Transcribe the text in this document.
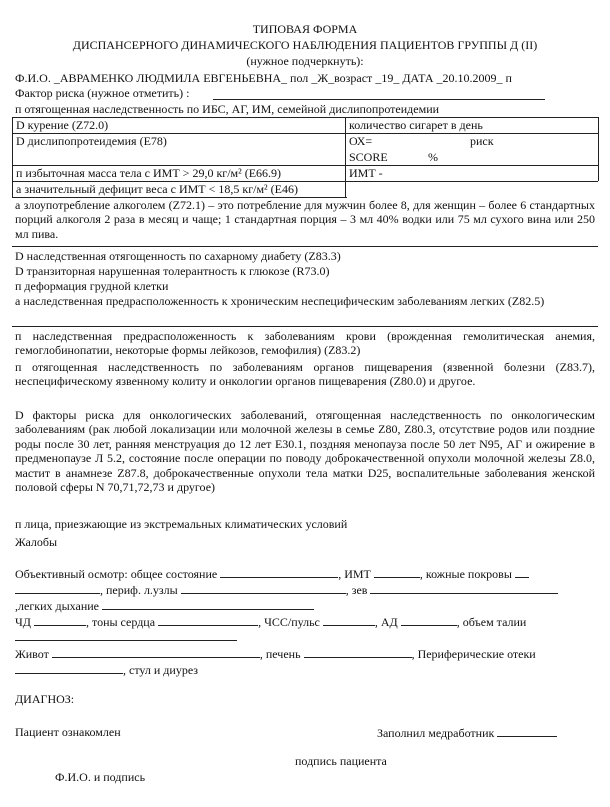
ТИПОВАЯ ФОРМА
ДИСПАНСЕРНОГО ДИНАМИЧЕСКОГО НАБЛЮДЕНИЯ ПАЦИЕНТОВ ГРУППЫ Д (II)
(нужное подчеркнуть):
Ф.И.О. _АВРАМЕНКО ЛЮДМИЛА ЕВГЕНЬЕВНА_ пол _Ж_возраст _19_ ДАТА _20.10.2009_ п
Фактор риска (нужное отметить) :
п отягощенная наследственность по ИБС, АГ, ИМ, семейной дислипопротеидемии
D курение (Z72.0)	количество сигарет в день
D дислипопротеидемия (E78)	ОХ=	риск
SCORE	%
п избыточная масса тела с ИМТ > 29,0 кг/м² (E66.9)	ИМТ -
а значительный дефицит веса с ИМТ < 18,5 кг/м² (E46)
а злоупотребление алкоголем (Z72.1) – это потребление для мужчин более 8, для женщин – более 6 стандартных порций алкоголя 2 раза в месяц и чаще; 1 стандартная порция – 3 мл 40% водки или 75 мл сухого вина или 250 мл пива.
D наследственная отягощенность по сахарному диабету (Z83.3)
D транзиторная нарушенная толерантность к глюкозе (R73.0)
п деформация грудной клетки
а наследственная предрасположенность к хроническим неспецифическим заболеваниям легких (Z82.5)
п наследственная предрасположенность к заболеваниям крови (врожденная гемолитическая анемия, гемоглобинопатии, некоторые формы лейкозов, гемофилия) (Z83.2)
п отягощенная наследственность по заболеваниям органов пищеварения (язвенной болезни (Z83.7), неспецифическому язвенному колиту и онкологии органов пищеварения (Z80.0) и другое.
D факторы риска для онкологических заболеваний, отягощенная наследственность по онкологическим заболеваниям (рак любой локализации или молочной железы в семье Z80, Z80.3, отсутствие родов или поздние роды после 30 лет, ранняя менструация до 12 лет E30.1, поздняя менопауза после 50 лет N95, АГ и ожирение в предменопаузе Л 5.2, состояние после операции по поводу доброкачественной опухоли молочной железы Z8.0, мастит в анамнезе Z87.8, доброкачественные опухоли тела матки D25, воспалительные заболевания женской половой сферы N 70,71,72,73 и другое)
п лица, приезжающие из экстремальных климатических условий
Жалобы
Объективный осмотр: общее состояние	, ИМТ	, кожные покровы
, периф. л.узлы	, зев
,легких дыхание
ЧД	, тоны сердца	, ЧСС/пульс	, АД	, объем талии
Живот	, печень	, Периферические отеки
, стул и диурез
ДИАГНОЗ:
Пациент ознакомлен	Заполнил медработник
подпись пациента
Ф.И.О. и подпись
